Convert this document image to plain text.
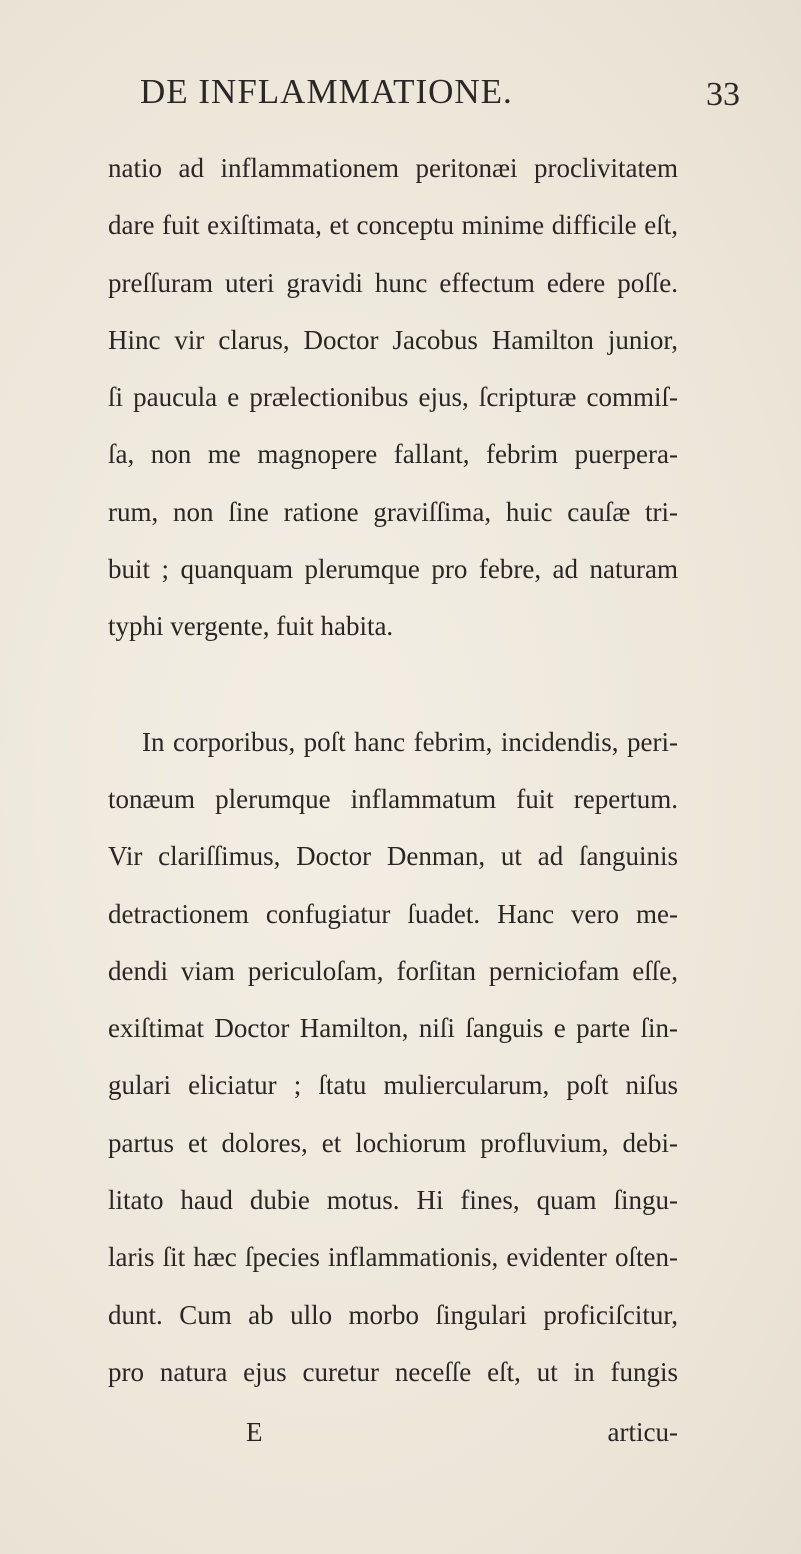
DE INFLAMMATIONE.	33
natio ad inflammationem peritonæi proclivitatem
dare fuit exiſtimata, et conceptu minime difficile eſt,
preſſuram uteri gravidi hunc effectum edere poſſe.
Hinc vir clarus, Doctor Jacobus Hamilton junior,
ſi paucula e prælectionibus ejus, ſcripturæ commiſ-
ſa, non me magnopere fallant, febrim puerpera-
rum, non ſine ratione graviſſima, huic cauſæ tri-
buit ; quanquam plerumque pro febre, ad naturam
typhi vergente, fuit habita.
In corporibus, poſt hanc febrim, incidendis, peri-
tonæum plerumque inflammatum fuit repertum.
Vir clariſſimus, Doctor Denman, ut ad ſanguinis
detractionem confugiatur ſuadet. Hanc vero me-
dendi viam periculoſam, forſitan perniciofam eſſe,
exiſtimat Doctor Hamilton, niſi ſanguis e parte ſin-
gulari eliciatur ; ſtatu muliercularum, poſt niſus
partus et dolores, et lochiorum profluvium, debi-
litato haud dubie motus. Hi fines, quam ſingu-
laris ſit hæc ſpecies inflammationis, evidenter oſten-
dunt. Cum ab ullo morbo ſingulari proficiſcitur,
pro natura ejus curetur neceſſe eſt, ut in fungis
E	articu-
